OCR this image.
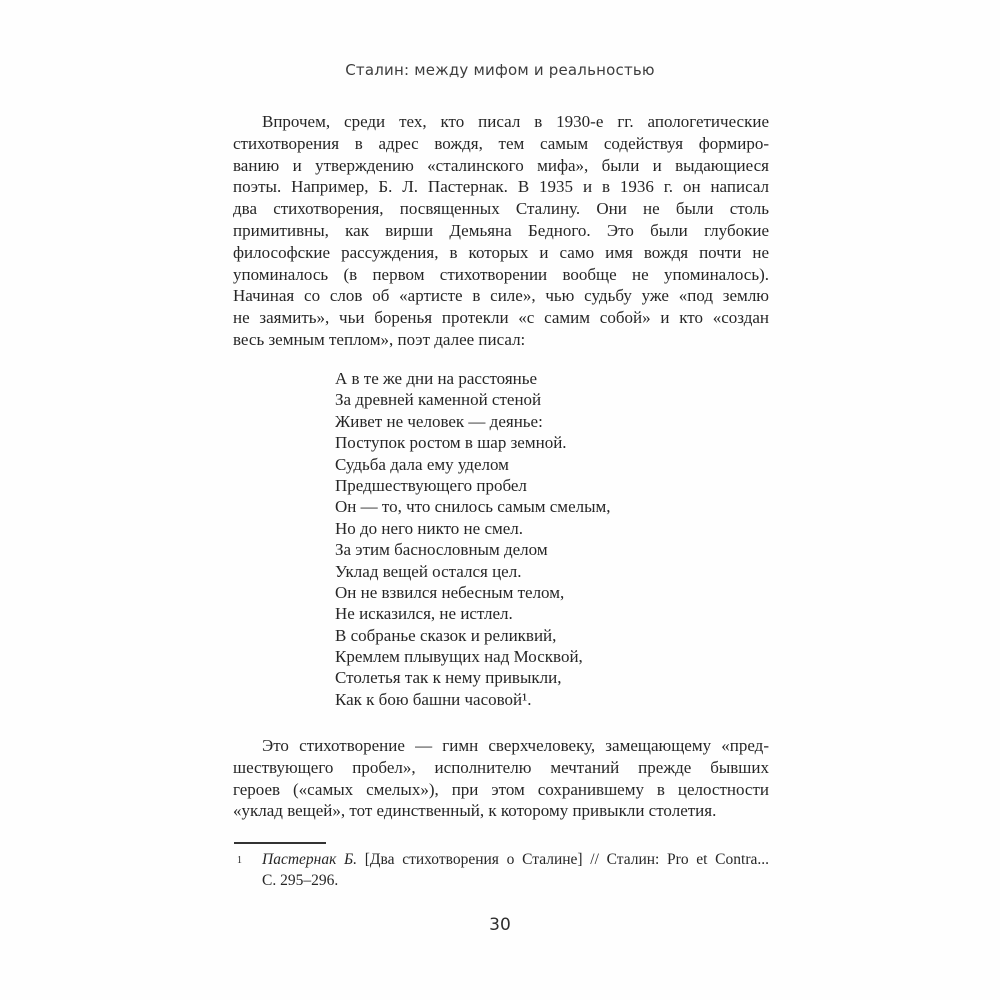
Сталин: между мифом и реальностью
Впрочем, среди тех, кто писал в 1930-е гг. апологетические
стихотворения в адрес вождя, тем самым содействуя формиро-
ванию и утверждению «сталинского мифа», были и выдающиеся
поэты. Например, Б. Л. Пастернак. В 1935 и в 1936 г. он написал
два стихотворения, посвященных Сталину. Они не были столь
примитивны, как вирши Демьяна Бедного. Это были глубокие
философские рассуждения, в которых и само имя вождя почти не
упоминалось (в первом стихотворении вообще не упоминалось).
Начиная со слов об «артисте в силе», чью судьбу уже «под землю
не заямить», чьи боренья протекли «с самим собой» и кто «создан
весь земным теплом», поэт далее писал:
А в те же дни на расстоянье
За древней каменной стеной
Живет не человек — деянье:
Поступок ростом в шар земной.
Судьба дала ему уделом
Предшествующего пробел
Он — то, что снилось самым смелым,
Но до него никто не смел.
За этим баснословным делом
Уклад вещей остался цел.
Он не взвился небесным телом,
Не исказился, не истлел.
В собранье сказок и реликвий,
Кремлем плывущих над Москвой,
Столетья так к нему привыкли,
Как к бою башни часовой¹.
Это стихотворение — гимн сверхчеловеку, замещающему «пред-
шествующего пробел», исполнителю мечтаний прежде бывших
героев («самых смелых»), при этом сохранившему в целостности
«уклад вещей», тот единственный, к которому привыкли столетия.
1 Пастернак Б. [Два стихотворения о Сталине] // Сталин: Pro et Contra...
С. 295–296.
30
